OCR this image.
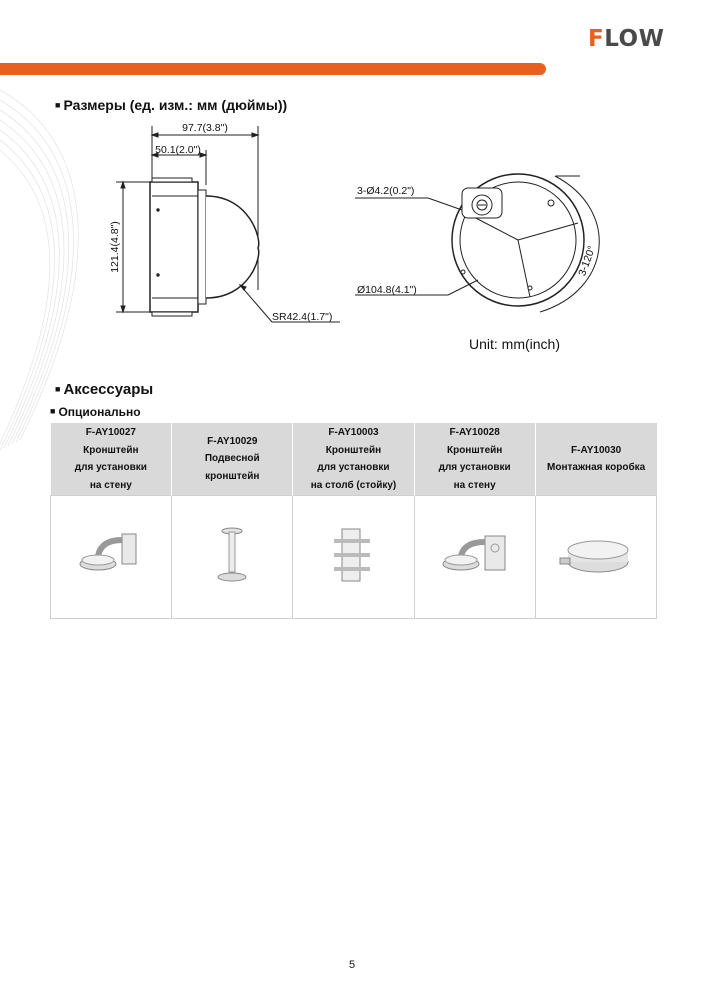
FLOW
■ Размеры (ед. изм.: мм (дюймы))
97.7(3.8")
50.1(2.0")
121.4(4.8")
SR42.4(1.7")
3-Ø4.2(0.2")
Ø104.8(4.1")
3-120°
Unit: mm(inch)
■ Аксессуары
■ Опционально
F-AY10027
Кронштейн
для установки
на стену	F-AY10029
Подвесной
кронштейн	F-AY10003
Кронштейн
для установки
на столб (стойку)	F-AY10028
Кронштейн
для установки
на стену	F-AY10030
Монтажная коробка

5
